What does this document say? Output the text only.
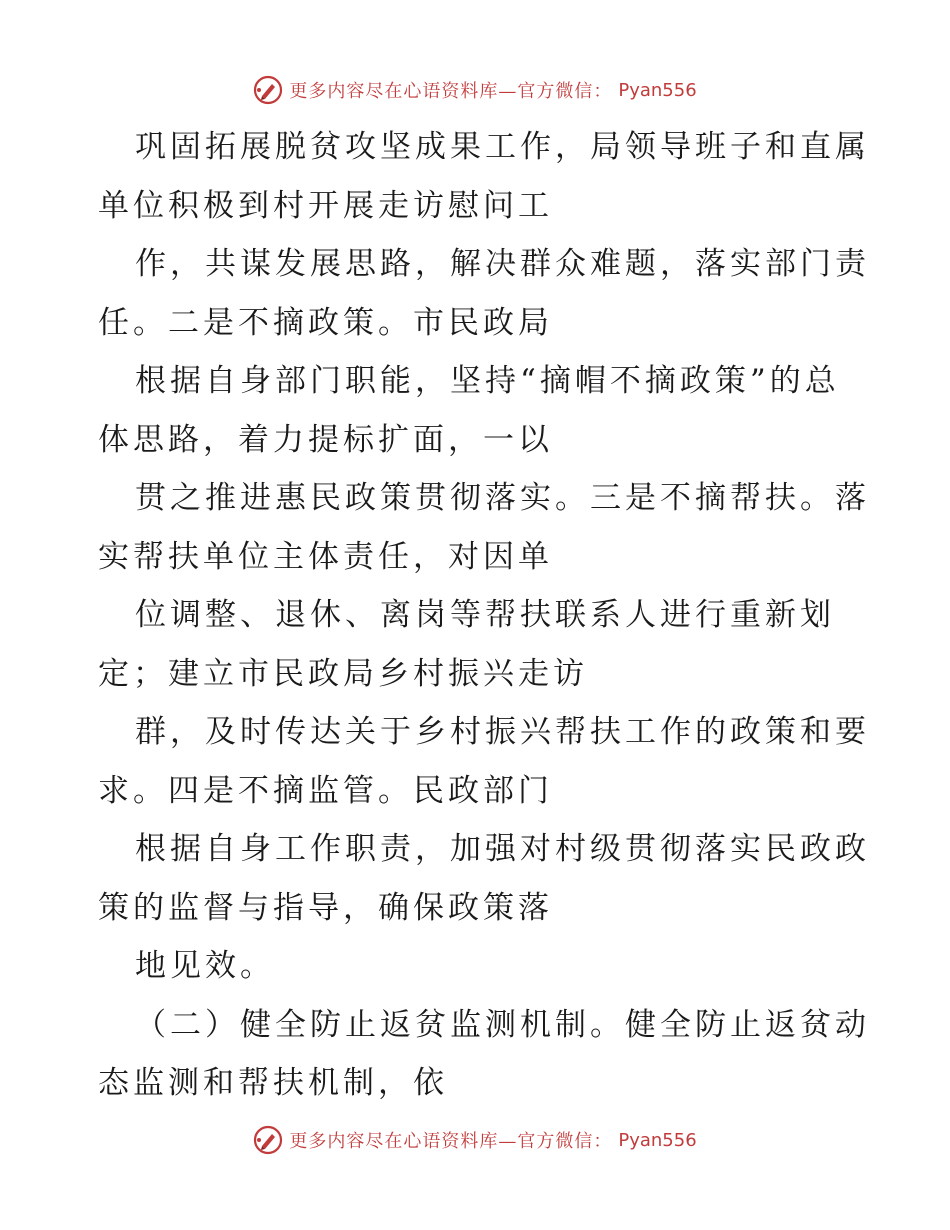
更多内容尽在心语资料库—官方微信： Pyan556
巩固拓展脱贫攻坚成果工作，局领导班子和直属
单位积极到村开展走访慰问工
作，共谋发展思路，解决群众难题，落实部门责
任。二是不摘政策。市民政局
根据自身部门职能，坚持“摘帽不摘政策”的总
体思路，着力提标扩面，一以
贯之推进惠民政策贯彻落实。三是不摘帮扶。落
实帮扶单位主体责任，对因单
位调整、退休、离岗等帮扶联系人进行重新划
定；建立市民政局乡村振兴走访
群，及时传达关于乡村振兴帮扶工作的政策和要
求。四是不摘监管。民政部门
根据自身工作职责，加强对村级贯彻落实民政政
策的监督与指导，确保政策落
地见效。
（二）健全防止返贫监测机制。健全防止返贫动
态监测和帮扶机制，依
更多内容尽在心语资料库—官方微信： Pyan556
